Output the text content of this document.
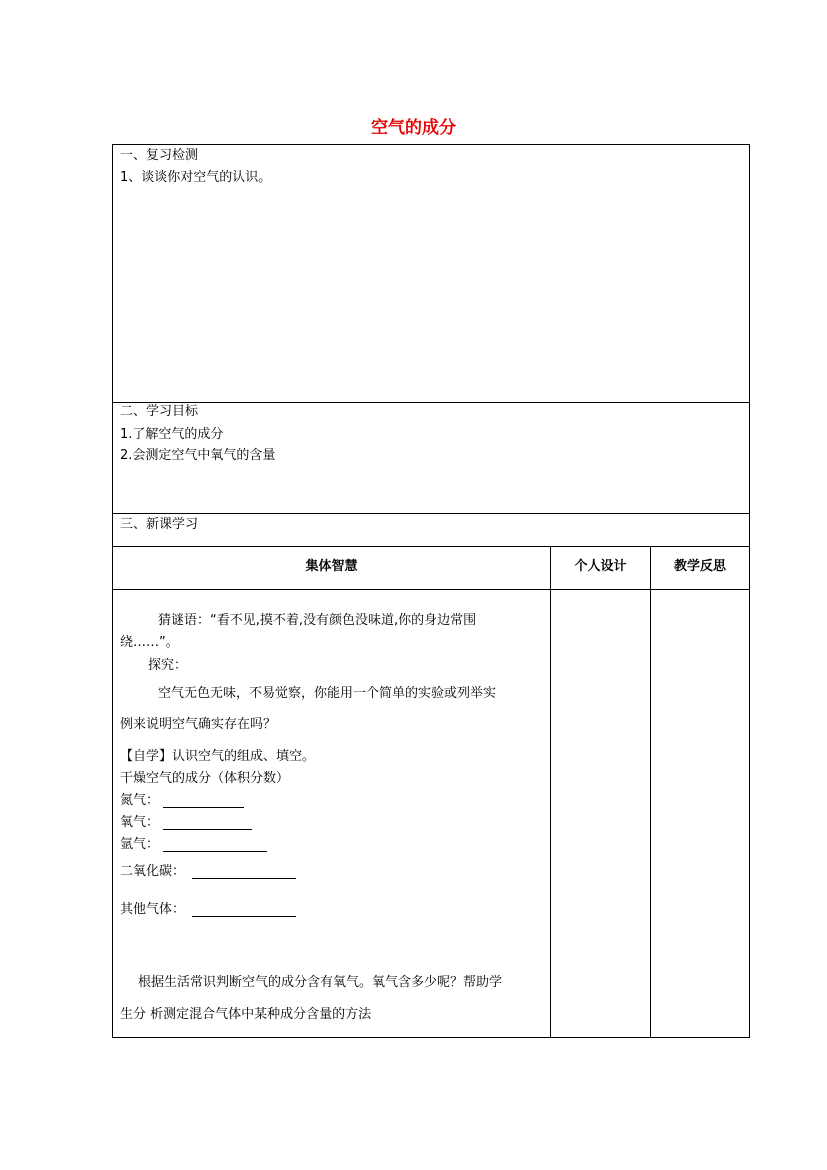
空气的成分
一、复习检测
1、谈谈你对空气的认识。
二、学习目标
1.了解空气的成分
2.会测定空气中氧气的含量
三、新课学习
集体智慧	个人设计	教学反思
猜谜语：“看不见,摸不着,没有颜色没味道,你的身边常围
绕……”。
探究：
空气无色无味，不易觉察，你能用一个简单的实验或列举实
例来说明空气确实存在吗？
【自学】认识空气的组成、填空。
干燥空气的成分（体积分数）
氮气：
氧气：
氩气：
二氧化碳：
其他气体：
根据生活常识判断空气的成分含有氧气。氧气含多少呢？帮助学
生分 析测定混合气体中某种成分含量的方法
